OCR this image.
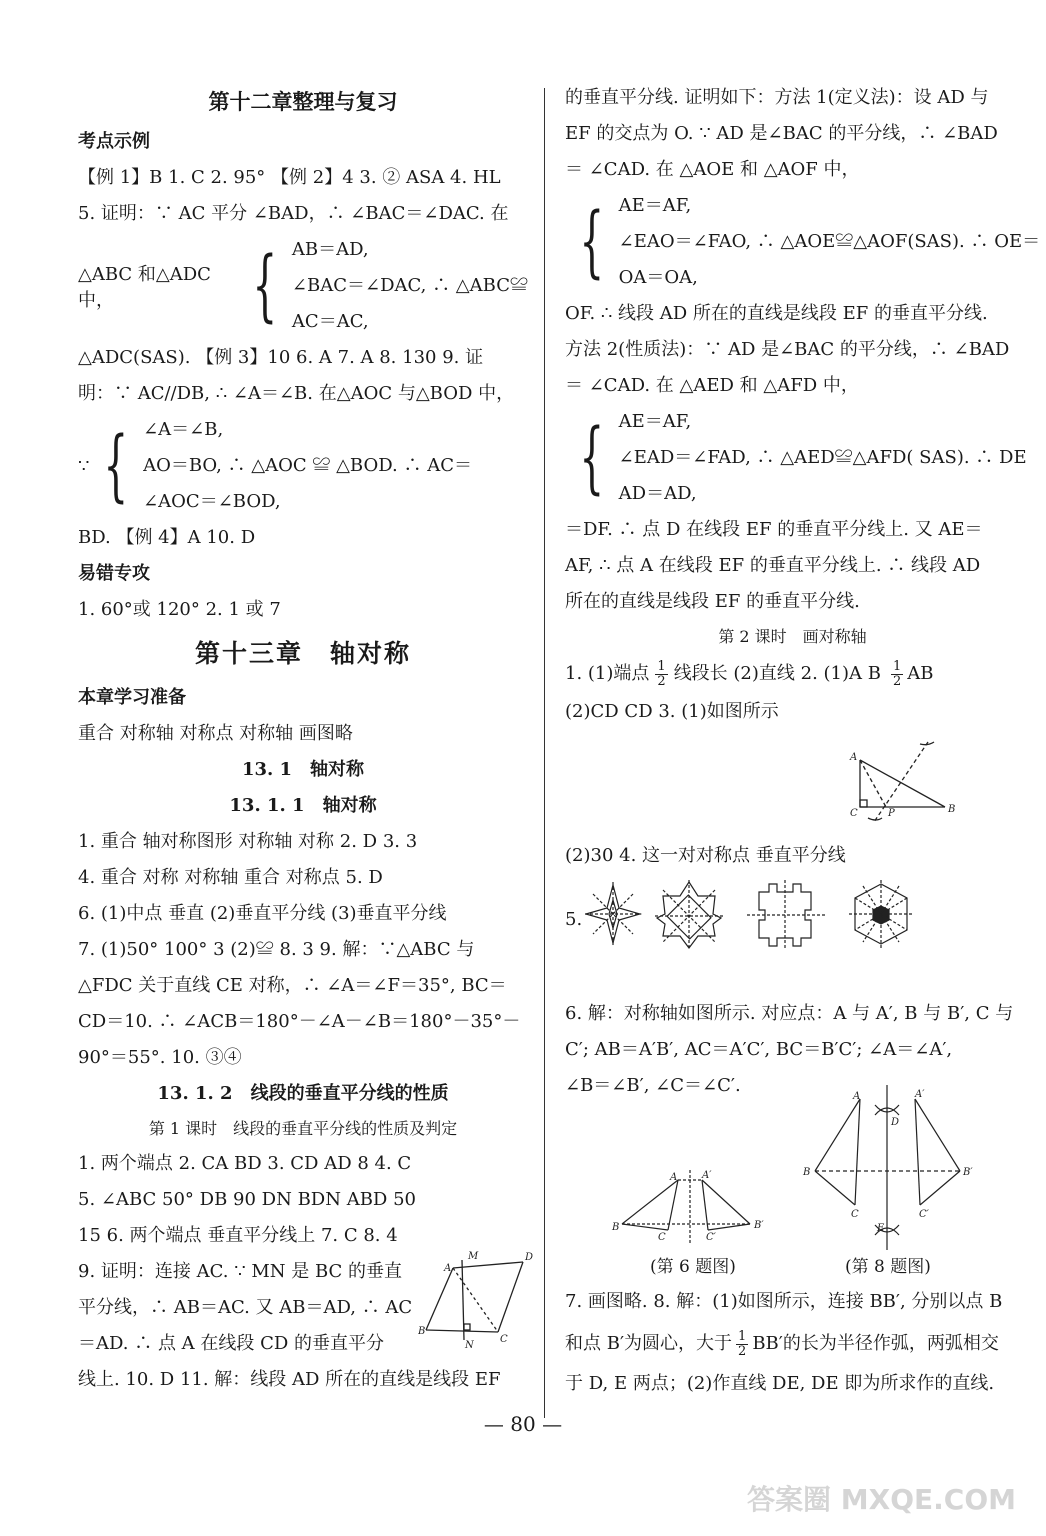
第十二章整理与复习
考点示例
【例 1】B 1. C 2. 95° 【例 2】4 3. ② ASA 4. HL
5. 证明：∵ AC 平分 ∠BAD，∴ ∠BAC＝∠DAC. 在
△ABC 和△ADC 中，	{ AB＝AD,
∠BAC＝∠DAC, ∴ △ABC≌
AC＝AC,
△ADC(SAS). 【例 3】10 6. A 7. A 8. 130 9. 证
明：∵ AC//DB, ∴ ∠A＝∠B. 在△AOC 与△BOD 中，
∵ { ∠A＝∠B,
AO＝BO, ∴ △AOC ≌ △BOD. ∴ AC＝
∠AOC＝∠BOD,
BD. 【例 4】A 10. D
易错专攻
1. 60°或 120° 2. 1 或 7
第十三章　轴对称
本章学习准备
重合 对称轴 对称点 对称轴 画图略
13. 1　轴对称
13. 1. 1　轴对称
1. 重合 轴对称图形 对称轴 对称 2. D 3. 3
4. 重合 对称 对称轴 重合 对称点 5. D
6. (1)中点 垂直 (2)垂直平分线 (3)垂直平分线
7. (1)50° 100° 3 (2)≌ 8. 3 9. 解：∵△ABC 与
△FDC 关于直线 CE 对称，∴ ∠A＝∠F＝35°, BC＝
CD＝10. ∴ ∠ACB＝180°－∠A－∠B＝180°－35°－
90°＝55°. 10. ③④
13. 1. 2　线段的垂直平分线的性质
第 1 课时　线段的垂直平分线的性质及判定
1. 两个端点 2. CA BD 3. CD AD 8 4. C
5. ∠ABC 50° DB 90 DN BDN ABD 50
15 6. 两个端点 垂直平分线上 7. C 8. 4
9. 证明：连接 AC. ∵ MN 是 BC 的垂直
平分线，∴ AB＝AC. 又 AB＝AD, ∴ AC
＝AD. ∴ 点 A 在线段 CD 的垂直平分
线上. 10. D 11. 解：线段 AD 所在的直线是线段 EF
M
A
D
B
N
C
的垂直平分线. 证明如下：方法 1(定义法)：设 AD 与
EF 的交点为 O. ∵ AD 是∠BAC 的平分线，∴ ∠BAD
＝ ∠CAD. 在 △AOE 和 △AOF 中，
{ AE＝AF,
∠EAO＝∠FAO, ∴ △AOE≌△AOF(SAS). ∴ OE＝
OA＝OA,
OF. ∴ 线段 AD 所在的直线是线段 EF 的垂直平分线.
方法 2(性质法)：∵ AD 是∠BAC 的平分线，∴ ∠BAD
＝ ∠CAD. 在 △AED 和 △AFD 中，
{ AE＝AF,
∠EAD＝∠FAD, ∴ △AED≌△AFD( SAS). ∴ DE
AD＝AD,
＝DF. ∴ 点 D 在线段 EF 的垂直平分线上. 又 AE＝
AF, ∴ 点 A 在线段 EF 的垂直平分线上. ∴ 线段 AD
所在的直线是线段 EF 的垂直平分线.
第 2 课时　画对称轴
1. (1)端点 $\frac{1}{2}$ 线段长 (2)直线 2. (1)A B $\frac{1}{2}$ AB
(2)CD CD 3. (1)如图所示
A
C	P	B
(2)30 4. 这一对对称点 垂直平分线
5.
6. 解：对称轴如图所示. 对应点：A 与 A′, B 与 B′, C 与
C′; AB＝A′B′, AC＝A′C′, BC＝B′C′; ∠A＝∠A′,
∠B＝∠B′, ∠C＝∠C′.
A A′
B	B′
C	C′
A	A′
D
B	B′
C	C′
E
(第 6 题图)	(第 8 题图)
7. 画图略. 8. 解：(1)如图所示，连接 BB′, 分别以点 B
和点 B′为圆心，大于 $\frac{1}{2} BB'$的长为半径作弧，两弧相交
于 D, E 两点；(2)作直线 DE, DE 即为所求作的直线.
— 80 —
答案圈 MXQE.COM
